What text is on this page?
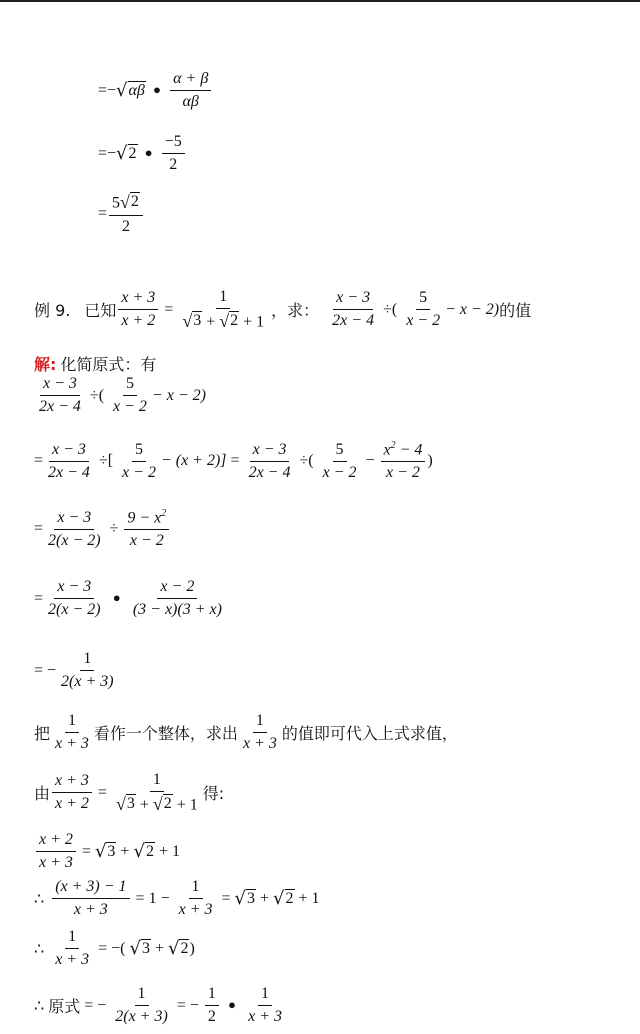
=− √ αβ • $\frac{\alpha + \beta}{\alpha\beta}$
=− √ 2 • $\frac{-5}{2}$
= $\frac{5 √ 2}{2}$
例 9. 已知 $\frac{x + 3}{x + 2} = \frac{1}{√ 3 + √ 2 + 1}$ ，求： $\frac{x - 3}{2x - 4}$ ÷( $\frac{5}{x - 2} - x - 2$) 的值
解: 化简原式：有
$\frac{x - 3}{2x - 4}$ ÷( $\frac{5}{x - 2} - x - 2$)
= $\frac{x - 3}{2x - 4}$ ÷[ $\frac{5}{x - 2} - (x + 2)] = \frac{x - 3}{2x - 4}$ ÷( $\frac{5}{x - 2} - \frac{x^2 - 4}{x - 2}$ )
= $\frac{x - 3}{2(x - 2)} \div \frac{9 - x^2}{x - 2}$
= $\frac{x - 3}{2(x - 2)}$ • $\frac{x - 2}{(3 - x)(3 + x)}$
= − $\frac{1}{2(x + 3)}$
把 $\frac{1}{x + 3}$ 看作一个整体，求出 $\frac{1}{x + 3}$ 的值即可代入上式求值，
由 $\frac{x + 3}{x + 2} = \frac{1}{√ 3 + √ 2 + 1}$ 得:
$\frac{x + 2}{x + 3}$ = √ 3 + √ 2 + 1
∴ $\frac{(x + 3) - 1}{x + 3} = 1 - \frac{1}{x + 3}$ = √ 3 + √ 2 + 1
∴ $\frac{1}{x + 3}$ = −( √ 3 + √ 2 )
∴ 原式 = − $\frac{1}{2(x + 3)}$ = − $\frac{1}{2}$ • $\frac{1}{x + 3}$
